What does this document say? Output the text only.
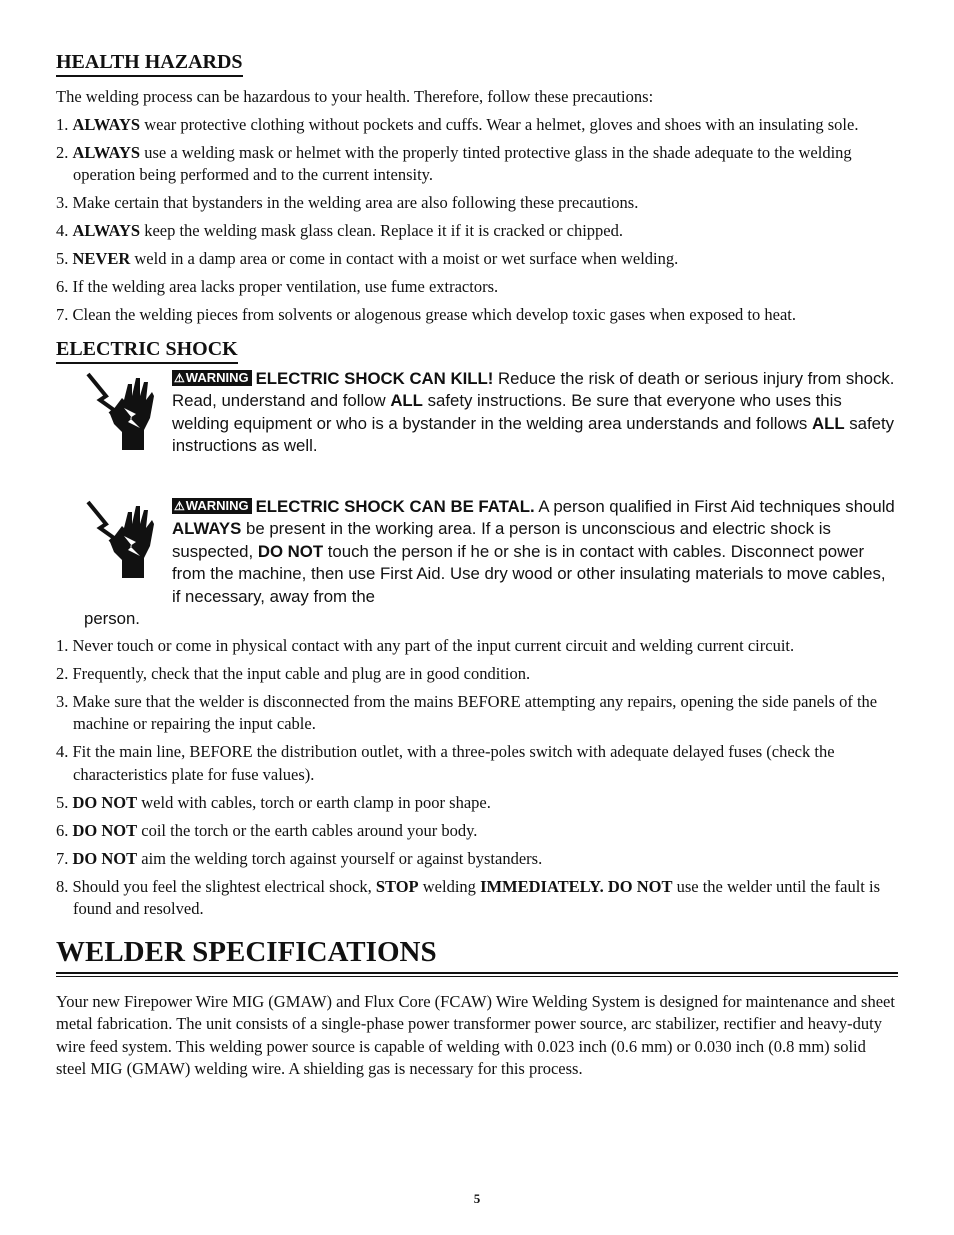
HEALTH HAZARDS

The welding process can be hazardous to your health. Therefore, follow these precautions:

1. ALWAYS wear protective clothing without pockets and cuffs. Wear a helmet, gloves and shoes with an insulating sole.
2. ALWAYS use a welding mask or helmet with the properly tinted protective glass in the shade adequate to the welding operation being performed and to the current intensity.
3. Make certain that bystanders in the welding area are also following these precautions.
4. ALWAYS keep the welding mask glass clean. Replace it if it is cracked or chipped.
5. NEVER weld in a damp area or come in contact with a moist or wet surface when welding.
6. If the welding area lacks proper ventilation, use fume extractors.
7. Clean the welding pieces from solvents or alogenous grease which develop toxic gases when exposed to heat.
ELECTRIC SHOCK
⚠WARNING ELECTRIC SHOCK CAN KILL! Reduce the risk of death or serious injury from shock. Read, understand and follow ALL safety instructions. Be sure that everyone who uses this welding equipment or who is a bystander in the welding area understands and follows ALL safety instructions as well.
⚠WARNING ELECTRIC SHOCK CAN BE FATAL. A person qualified in First Aid techniques should ALWAYS be present in the working area. If a person is unconscious and electric shock is suspected, DO NOT touch the person if he or she is in contact with cables. Disconnect power from the machine, then use First Aid. Use dry wood or other insulating materials to move cables, if necessary, away from the

person.

1. Never touch or come in physical contact with any part of the input current circuit and welding current circuit.
2. Frequently, check that the input cable and plug are in good condition.
3. Make sure that the welder is disconnected from the mains BEFORE attempting any repairs, opening the side panels of the machine or repairing the input cable.
4. Fit the main line, BEFORE the distribution outlet, with a three-poles switch with adequate delayed fuses (check the characteristics plate for fuse values).
5. DO NOT weld with cables, torch or earth clamp in poor shape.
6. DO NOT coil the torch or the earth cables around your body.
7. DO NOT aim the welding torch against yourself or against bystanders.
8. Should you feel the slightest electrical shock, STOP welding IMMEDIATELY. DO NOT use the welder until the fault is found and resolved.
WELDER SPECIFICATIONS

Your new Firepower Wire MIG (GMAW) and Flux Core (FCAW) Wire Welding System is designed for maintenance and sheet metal fabrication. The unit consists of a single-phase power transformer power source, arc stabilizer, rectifier and heavy-duty wire feed system. This welding power source is capable of welding with 0.023 inch (0.6 mm) or 0.030 inch (0.8 mm) solid steel MIG (GMAW) welding wire. A shielding gas is necessary for this process.

5
